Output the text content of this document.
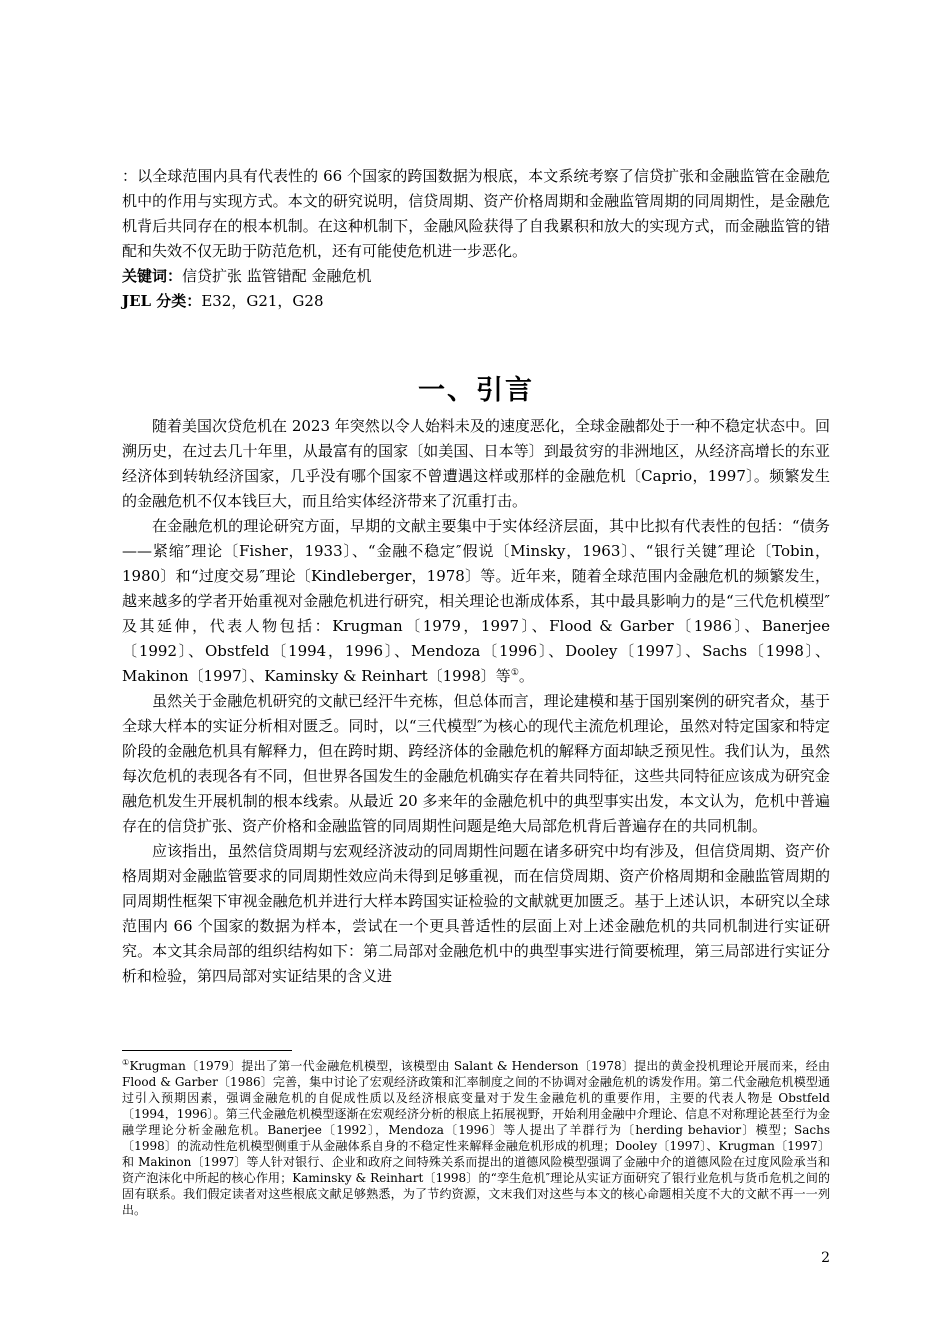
：以全球范围内具有代表性的 66 个国家的跨国数据为根底，本文系统考察了信贷扩张和金融监管在金融危机中的作用与实现方式。本文的研究说明，信贷周期、资产价格周期和金融监管周期的同周期性，是金融危机背后共同存在的根本机制。在这种机制下，金融风险获得了自我累积和放大的实现方式，而金融监管的错配和失效不仅无助于防范危机，还有可能使危机进一步恶化。

关键词：信贷扩张 监管错配 金融危机

JEL 分类：E32，G21，G28

一、引言

随着美国次贷危机在 2023 年突然以令人始料未及的速度恶化，全球金融都处于一种不稳定状态中。回溯历史，在过去几十年里，从最富有的国家〔如美国、日本等〕到最贫穷的非洲地区，从经济高增长的东亚经济体到转轨经济国家，几乎没有哪个国家不曾遭遇这样或那样的金融危机〔Caprio，1997〕。频繁发生的金融危机不仅本钱巨大，而且给实体经济带来了沉重打击。

在金融危机的理论研究方面，早期的文献主要集中于实体经济层面，其中比拟有代表性的包括：“债务——紧缩″理论〔Fisher，1933〕、“金融不稳定″假说〔Minsky，1963〕、“银行关键″理论〔Tobin，1980〕和“过度交易″理论〔Kindleberger，1978〕等。近年来，随着全球范围内金融危机的频繁发生，越来越多的学者开始重视对金融危机进行研究，相关理论也渐成体系，其中最具影响力的是“三代危机模型″及其延伸，代表人物包括：Krugman〔1979，1997〕、Flood & Garber〔1986〕、Banerjee〔1992〕、Obstfeld〔1994，1996〕、Mendoza〔1996〕、Dooley〔1997〕、Sachs〔1998〕、Makinon〔1997〕、Kaminsky & Reinhart〔1998〕等①。

虽然关于金融危机研究的文献已经汗牛充栋，但总体而言，理论建模和基于国别案例的研究者众，基于全球大样本的实证分析相对匮乏。同时，以“三代模型″为核心的现代主流危机理论，虽然对特定国家和特定阶段的金融危机具有解释力，但在跨时期、跨经济体的金融危机的解释方面却缺乏预见性。我们认为，虽然每次危机的表现各有不同，但世界各国发生的金融危机确实存在着共同特征，这些共同特征应该成为研究金融危机发生开展机制的根本线索。从最近 20 多来年的金融危机中的典型事实出发，本文认为，危机中普遍存在的信贷扩张、资产价格和金融监管的同周期性问题是绝大局部危机背后普遍存在的共同机制。

应该指出，虽然信贷周期与宏观经济波动的同周期性问题在诸多研究中均有涉及，但信贷周期、资产价格周期对金融监管要求的同周期性效应尚未得到足够重视，而在信贷周期、资产价格周期和金融监管周期的同周期性框架下审视金融危机并进行大样本跨国实证检验的文献就更加匮乏。基于上述认识，本研究以全球范围内 66 个国家的数据为样本，尝试在一个更具普适性的层面上对上述金融危机的共同机制进行实证研究。本文其余局部的组织结构如下：第二局部对金融危机中的典型事实进行简要梳理，第三局部进行实证分析和检验，第四局部对实证结果的含义进

①Krugman〔1979〕提出了第一代金融危机模型，该模型由 Salant & Henderson〔1978〕提出的黄金投机理论开展而来，经由 Flood & Garber〔1986〕完善，集中讨论了宏观经济政策和汇率制度之间的不协调对金融危机的诱发作用。第二代金融危机模型通过引入预期因素，强调金融危机的自促成性质以及经济根底变量对于发生金融危机的重要作用，主要的代表人物是 Obstfeld〔1994，1996〕。第三代金融危机模型逐渐在宏观经济分析的根底上拓展视野，开始利用金融中介理论、信息不对称理论甚至行为金融学理论分析金融危机。Banerjee〔1992〕，Mendoza〔1996〕等人提出了羊群行为〔herding behavior〕模型；Sachs〔1998〕的流动性危机模型侧重于从金融体系自身的不稳定性来解释金融危机形成的机理；Dooley〔1997〕、Krugman〔1997〕和 Makinon〔1997〕等人针对银行、企业和政府之间特殊关系而提出的道德风险模型强调了金融中介的道德风险在过度风险承当和资产泡沫化中所起的核心作用；Kaminsky & Reinhart〔1998〕的“孪生危机″理论从实证方面研究了银行业危机与货币危机之间的固有联系。我们假定读者对这些根底文献足够熟悉，为了节约资源，文末我们对这些与本文的核心命题相关度不大的文献不再一一列出。

2
